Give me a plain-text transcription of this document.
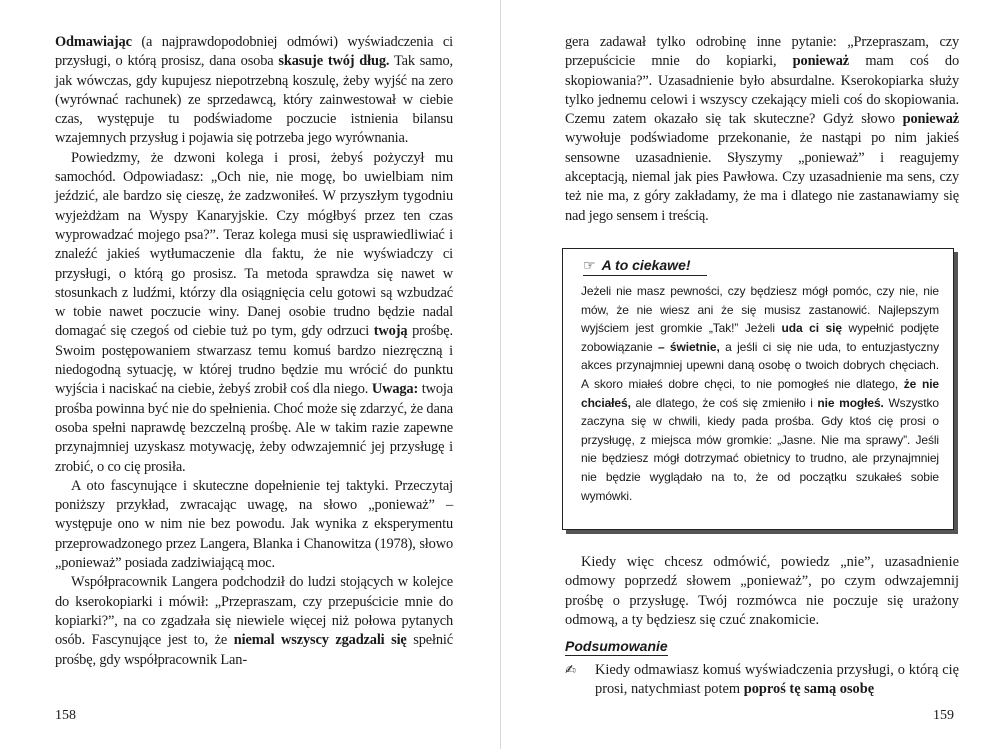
Odmawiając (a najprawdopodobniej odmówi) wyświadczenia ci przysługi, o którą prosisz, dana osoba skasuje twój dług. Tak samo, jak wówczas, gdy kupujesz niepotrzebną koszulę, żeby wyjść na zero (wyrównać rachunek) ze sprzedawcą, który zainwestował w ciebie czas, występuje tu podświadome poczucie istnienia bilansu wzajemnych przysług i pojawia się potrzeba jego wyrównania.

Powiedzmy, że dzwoni kolega i prosi, żebyś pożyczył mu samochód. Odpowiadasz: „Och nie, nie mogę, bo uwielbiam nim jeździć, ale bardzo się cieszę, że zadzwoniłeś. W przyszłym tygodniu wyjeżdżam na Wyspy Kanaryjskie. Czy mógłbyś przez ten czas wyprowadzać mojego psa?”. Teraz kolega musi się usprawiedliwiać i znaleźć jakieś wytłumaczenie dla faktu, że nie wyświadczy ci przysługi, o którą go prosisz. Ta metoda sprawdza się nawet w stosunkach z ludźmi, którzy dla osiągnięcia celu gotowi są wzbudzać w tobie nawet poczucie winy. Danej osobie trudno będzie nadal domagać się czegoś od ciebie tuż po tym, gdy odrzuci twoją prośbę. Swoim postępowaniem stwarzasz temu komuś bardzo niezręczną i niedogodną sytuację, w której trudno będzie mu wrócić do punktu wyjścia i naciskać na ciebie, żebyś zrobił coś dla niego. Uwaga: twoja prośba powinna być nie do spełnienia. Choć może się zdarzyć, że dana osoba spełni naprawdę bezczelną prośbę. Ale w takim razie zapewne przynajmniej uzyskasz motywację, żeby odwzajemnić jej przysługę i zrobić, o co cię prosiła.

A oto fascynujące i skuteczne dopełnienie tej taktyki. Przeczytaj poniższy przykład, zwracając uwagę, na słowo „ponieważ” – występuje ono w nim nie bez powodu. Jak wynika z eksperymentu przeprowadzonego przez Langera, Blanka i Chanowitza (1978), słowo „ponieważ” posiada zadziwiającą moc.

Współpracownik Langera podchodził do ludzi stojących w kolejce do kserokopiarki i mówił: „Przepraszam, czy przepuścicie mnie do kopiarki?”, na co zgadzała się niewiele więcej niż połowa pytanych osób. Fascynujące jest to, że niemal wszyscy zgadzali się spełnić prośbę, gdy współpracownik Lan-

158

gera zadawał tylko odrobinę inne pytanie: „Przepraszam, czy przepuścicie mnie do kopiarki, ponieważ mam coś do skopiowania?”. Uzasadnienie było absurdalne. Kserokopiarka służy tylko jednemu celowi i wszyscy czekający mieli coś do skopiowania. Czemu zatem okazało się tak skuteczne? Gdyż słowo ponieważ wywołuje podświadome przekonanie, że nastąpi po nim jakieś sensowne uzasadnienie. Słyszymy „ponieważ” i reagujemy akceptacją, niemal jak pies Pawłowa. Czy uzasadnienie ma sens, czy też nie ma, z góry zakładamy, że ma i dlatego nie zastanawiamy się nad jego sensem i treścią.

☞ A to ciekawe!
Jeżeli nie masz pewności, czy będziesz mógł pomóc, czy nie, nie mów, że nie wiesz ani że się musisz zastanowić. Najlepszym wyjściem jest gromkie „Tak!” Jeżeli uda ci się wypełnić podjęte zobowiązanie – świetnie, a jeśli ci się nie uda, to entuzjastyczny akces przynajmniej upewni daną osobę o twoich dobrych chęciach. A skoro miałeś dobre chęci, to nie pomogłeś nie dlatego, że nie chciałeś, ale dlatego, że coś się zmieniło i nie mogłeś. Wszystko zaczyna się w chwili, kiedy pada prośba. Gdy ktoś cię prosi o przysługę, z miejsca mów gromkie: „Jasne. Nie ma sprawy”. Jeśli nie będziesz mógł dotrzymać obietnicy to trudno, ale przynajmniej nie będzie wyglądało na to, że od początku szukałeś sobie wymówki.

Kiedy więc chcesz odmówić, powiedz „nie”, uzasadnienie odmowy poprzedź słowem „ponieważ”, po czym odwzajemnij prośbę o przysługę. Twój rozmówca nie poczuje się urażony odmową, a ty będziesz się czuć znakomicie.

Podsumowanie
✍ Kiedy odmawiasz komuś wyświadczenia przysługi, o którą cię prosi, natychmiast potem poproś tę samą osobę
159
